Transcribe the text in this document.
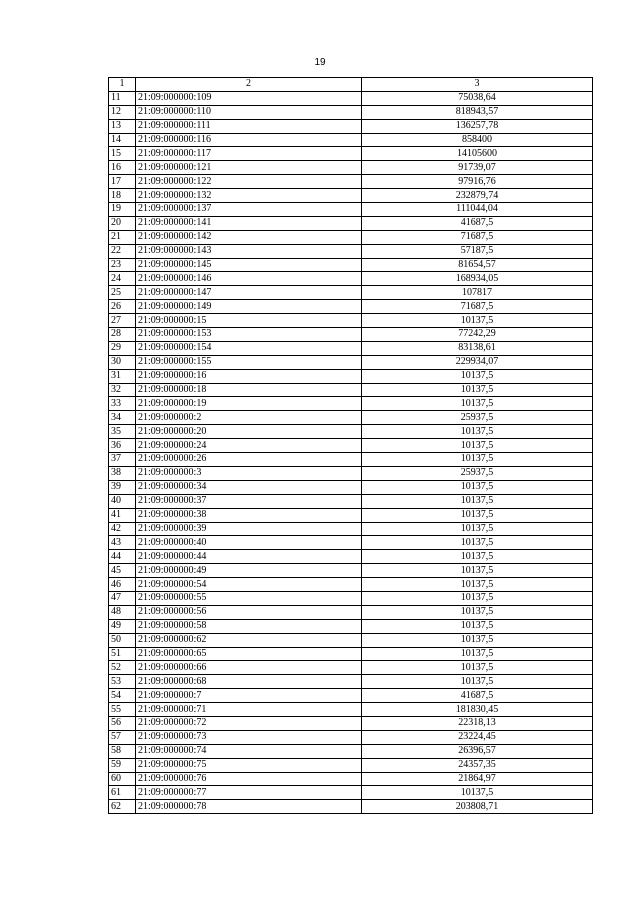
19
1	2	3
11	21:09:000000:109	75038,64
12	21:09:000000:110	818943,57
13	21:09:000000:111	136257,78
14	21:09:000000:116	858400
15	21:09:000000:117	14105600
16	21:09:000000:121	91739,07
17	21:09:000000:122	97916,76
18	21:09:000000:132	232879,74
19	21:09:000000:137	111044,04
20	21:09:000000:141	41687,5
21	21:09:000000:142	71687,5
22	21:09:000000:143	57187,5
23	21:09:000000:145	81654,57
24	21:09:000000:146	168934,05
25	21:09:000000:147	107817
26	21:09:000000:149	71687,5
27	21:09:000000:15	10137,5
28	21:09:000000:153	77242,29
29	21:09:000000:154	83138,61
30	21:09:000000:155	229934,07
31	21:09:000000:16	10137,5
32	21:09:000000:18	10137,5
33	21:09:000000:19	10137,5
34	21:09:000000:2	25937,5
35	21:09:000000:20	10137,5
36	21:09:000000:24	10137,5
37	21:09:000000:26	10137,5
38	21:09:000000:3	25937,5
39	21:09:000000:34	10137,5
40	21:09:000000:37	10137,5
41	21:09:000000:38	10137,5
42	21:09:000000:39	10137,5
43	21:09:000000:40	10137,5
44	21:09:000000:44	10137,5
45	21:09:000000:49	10137,5
46	21:09:000000:54	10137,5
47	21:09:000000:55	10137,5
48	21:09:000000:56	10137,5
49	21:09:000000:58	10137,5
50	21:09:000000:62	10137,5
51	21:09:000000:65	10137,5
52	21:09:000000:66	10137,5
53	21:09:000000:68	10137,5
54	21:09:000000:7	41687,5
55	21:09:000000:71	181830,45
56	21:09:000000:72	22318,13
57	21:09:000000:73	23224,45
58	21:09:000000:74	26396,57
59	21:09:000000:75	24357,35
60	21:09:000000:76	21864,97
61	21:09:000000:77	10137,5
62	21:09:000000:78	203808,71
